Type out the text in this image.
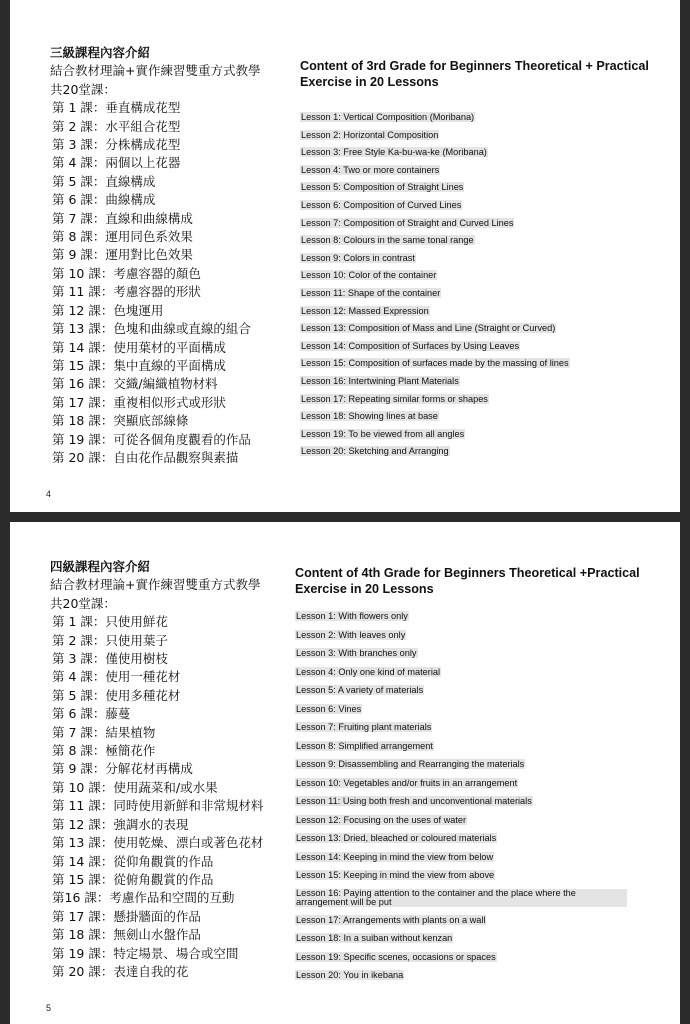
三級課程內容介紹
結合教材理論+實作練習雙重方式教學
共20堂課：
第 1 課：垂直構成花型
第 2 課：水平組合花型
第 3 課：分株構成花型
第 4 課：兩個以上花器
第 5 課：直線構成
第 6 課：曲線構成
第 7 課：直線和曲線構成
第 8 課：運用同色系效果
第 9 課：運用對比色效果
第 10 課：考慮容器的顏色
第 11 課：考慮容器的形狀
第 12 課：色塊運用
第 13 課：色塊和曲線或直線的組合
第 14 課：使用葉材的平面構成
第 15 課：集中直線的平面構成
第 16 課：交織/編織植物材料
第 17 課：重複相似形式或形狀
第 18 課：突顯底部線條
第 19 課：可從各個角度觀看的作品
第 20 課：自由花作品觀察與素描
Content of 3rd Grade for Beginners Theoretical + Practical Exercise in 20 Lessons
Lesson 1: Vertical Composition (Moribana)
Lesson 2: Horizontal Composition
Lesson 3: Free Style Ka-bu-wa-ke (Moribana)
Lesson 4: Two or more containers
Lesson 5: Composition of Straight Lines
Lesson 6: Composition of Curved Lines
Lesson 7: Composition of Straight and Curved Lines
Lesson 8: Colours in the same tonal range
Lesson 9: Colors in contrast
Lesson 10: Color of the container
Lesson 11: Shape of the container
Lesson 12: Massed Expression
Lesson 13: Composition of Mass and Line (Straight or Curved)
Lesson 14: Composition of Surfaces by Using Leaves
Lesson 15: Composition of surfaces made by the massing of lines
Lesson 16: Intertwining Plant Materials
Lesson 17: Repeating similar forms or shapes
Lesson 18: Showing lines at base
Lesson 19: To be viewed from all angles
Lesson 20: Sketching and Arranging
4
四級課程內容介紹
結合教材理論+實作練習雙重方式教學
共20堂課：
第 1 課：只使用鮮花
第 2 課：只使用葉子
第 3 課：僅使用樹枝
第 4 課：使用一種花材
第 5 課：使用多種花材
第 6 課：藤蔓
第 7 課：結果植物
第 8 課：極簡花作
第 9 課：分解花材再構成
第 10 課：使用蔬菜和/或水果
第 11 課：同時使用新鮮和非常規材料
第 12 課：強調水的表現
第 13 課：使用乾燥、漂白或著色花材
第 14 課：從仰角觀賞的作品
第 15 課：從俯角觀賞的作品
第16 課：考慮作品和空間的互動
第 17 課：懸掛牆面的作品
第 18 課：無劍山水盤作品
第 19 課：特定場景、場合或空間
第 20 課：表達自我的花
Content of 4th Grade for Beginners Theoretical +Practical Exercise in 20 Lessons
Lesson 1: With flowers only
Lesson 2: With leaves only
Lesson 3: With branches only
Lesson 4: Only one kind of material
Lesson 5: A variety of materials
Lesson 6: Vines
Lesson 7: Fruiting plant materials
Lesson 8: Simplified arrangement
Lesson 9: Disassembling and Rearranging the materials
Lesson 10: Vegetables and/or fruits in an arrangement
Lesson 11: Using both fresh and unconventional materials
Lesson 12: Focusing on the uses of water
Lesson 13: Dried, bleached or coloured materials
Lesson 14: Keeping in mind the view from below
Lesson 15: Keeping in mind the view from above
Lesson 16: Paying attention to the container and the place where the arrangement will be put
Lesson 17: Arrangements with plants on a wall
Lesson 18: In a suiban without kenzan
Lesson 19: Specific scenes, occasions or spaces
Lesson 20: You in ikebana
5
